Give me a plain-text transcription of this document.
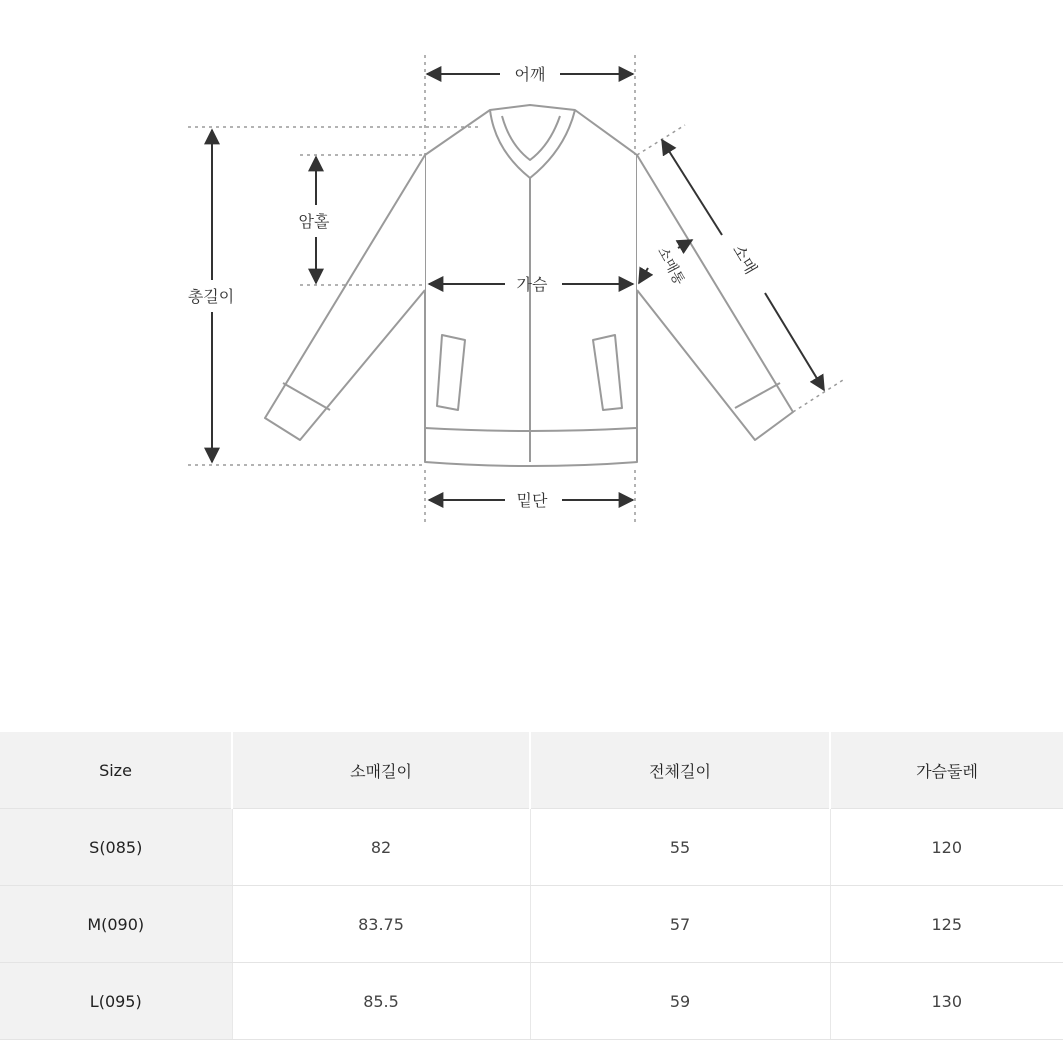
어깨
암홀
총길이
가슴
밑단
소매통	소매
Size	소매길이	전체길이	가슴둘레
S(085)	82	55	120
M(090)	83.75	57	125
L(095)	85.5	59	130
